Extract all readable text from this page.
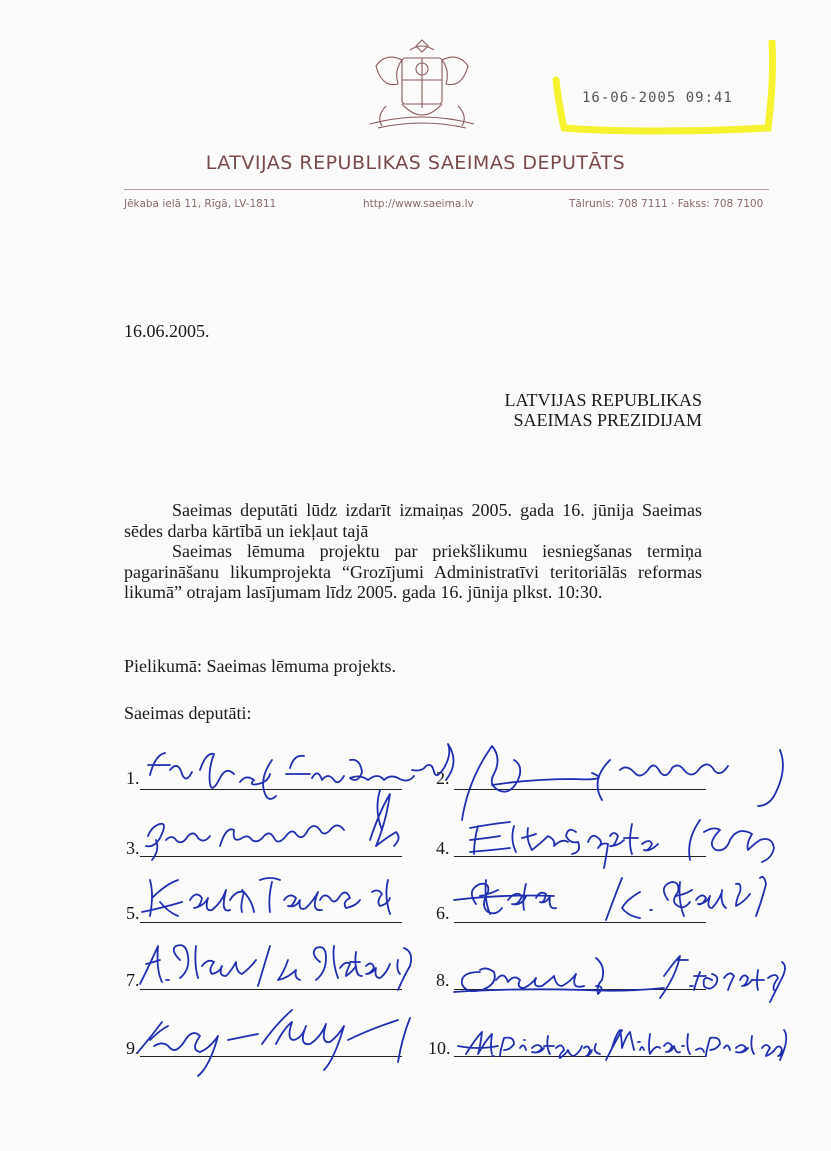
16-06-2005 09:41
LATVIJAS REPUBLIKAS SAEIMAS DEPUTĀTS
Jēkaba ielā 11, Rīgā, LV-1811	http://www.saeima.lv	Tālrunis: 708 7111 · Fakss: 708 7100
16.06.2005.
LATVIJAS REPUBLIKAS
SAEIMAS PREZIDIJAM

Saeimas deputāti lūdz izdarīt izmaiņas 2005. gada 16. jūnija Saeimas sēdes darba kārtībā un iekļaut tajā

Saeimas lēmuma projektu par priekšlikumu iesniegšanas termiņa pagarināšanu likumprojekta “Grozījumi Administratīvi teritoriālās reformas likumā” otrajam lasījumam līdz 2005. gada 16. jūnija plkst. 10:30.

Pielikumā: Saeimas lēmuma projekts.
Saeimas deputāti:
1.	2.
3.	4.
5.	6.
7.	8.
9.	10.
